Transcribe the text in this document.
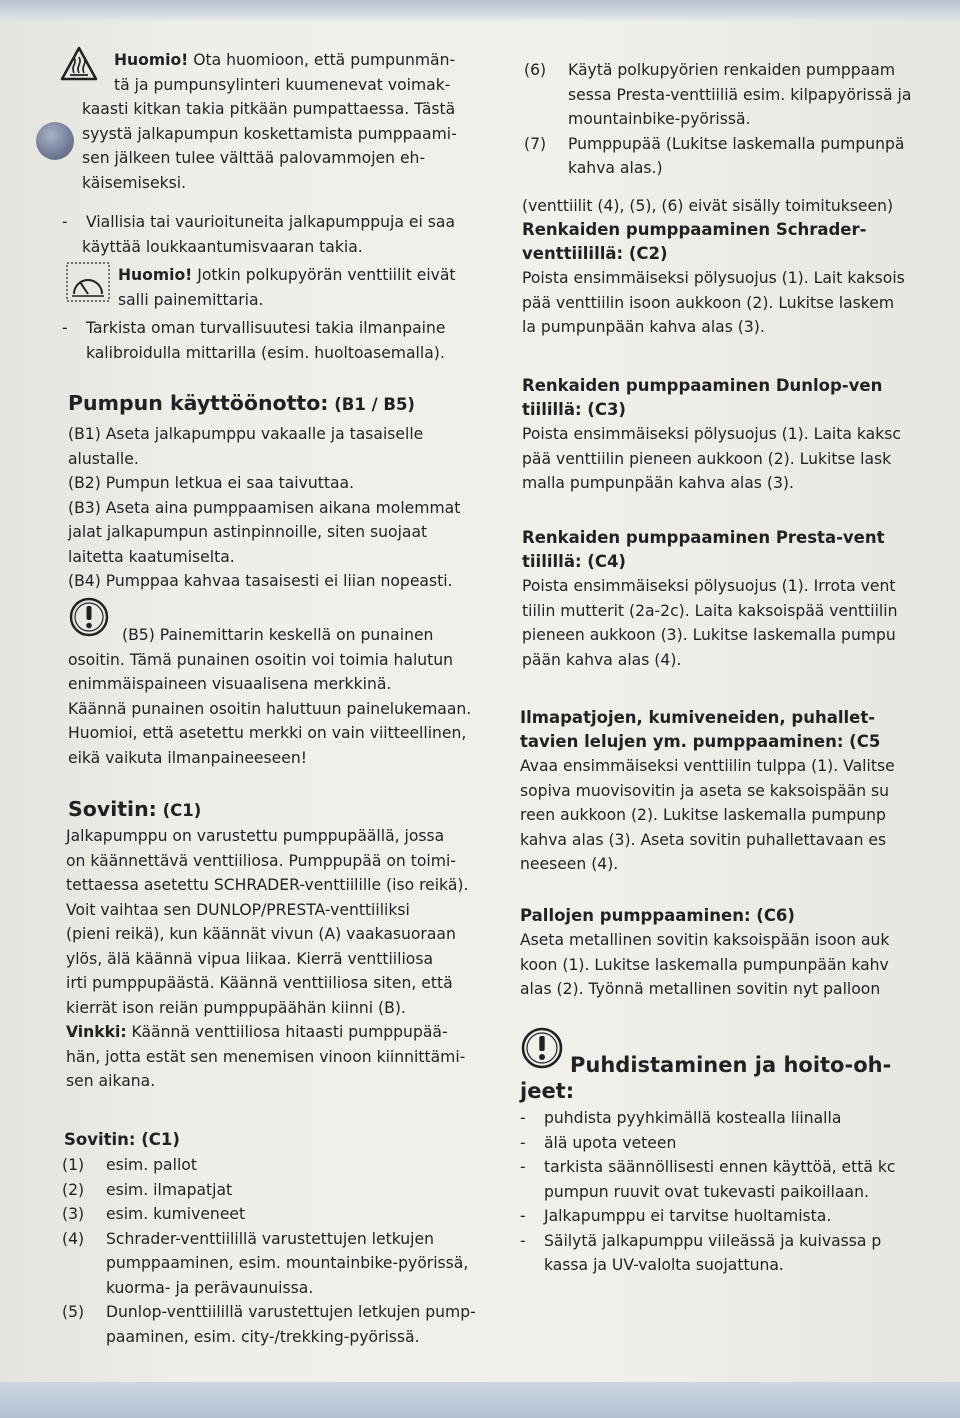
Huomio! Ota huomioon, että pumpunmän-
tä ja pumpunsylinteri kuumenevat voimak-
kaasti kitkan takia pitkään pumpattaessa. Tästä
syystä jalkapumpun koskettamista pumppaami-
sen jälkeen tulee välttää palovammojen eh-
käisemiseksi.
- Viallisia tai vaurioituneita jalkapumppuja ei saa
käyttää loukkaantumisvaaran takia.
Huomio! Jotkin polkupyörän venttiilit eivät
salli painemittaria.
- Tarkista oman turvallisuutesi takia ilmanpaine
kalibroidulla mittarilla (esim. huoltoasemalla).
Pumpun käyttöönotto: (B1 / B5)
(B1) Aseta jalkapumppu vakaalle ja tasaiselle
alustalle.
(B2) Pumpun letkua ei saa taivuttaa.
(B3) Aseta aina pumppaamisen aikana molemmat
jalat jalkapumpun astinpinnoille, siten suojaat
laitetta kaatumiselta.
(B4) Pumppaa kahvaa tasaisesti ei liian nopeasti.
(B5) Painemittarin keskellä on punainen
osoitin. Tämä punainen osoitin voi toimia halutun
enimmäispaineen visuaalisena merkkinä.
Käännä punainen osoitin haluttuun painelukemaan.
Huomioi, että asetettu merkki on vain viitteellinen,
eikä vaikuta ilmanpaineeseen!
Sovitin: (C1)
Jalkapumppu on varustettu pumppupäällä, jossa
on käännettävä venttiiliosa. Pumppupää on toimi-
tettaessa asetettu SCHRADER-venttiilille (iso reikä).
Voit vaihtaa sen DUNLOP/PRESTA-venttiiliksi
(pieni reikä), kun käännät vivun (A) vaakasuoraan
ylös, älä käännä vipua liikaa. Kierrä venttiiliosa
irti pumppupäästä. Käännä venttiiliosa siten, että
kierrät ison reiän pumppupäähän kiinni (B).
Vinkki: Käännä venttiiliosa hitaasti pumppupää-
hän, jotta estät sen menemisen vinoon kiinnittämi-
sen aikana.
Sovitin: (C1)
(1) esim. pallot
(2) esim. ilmapatjat
(3) esim. kumiveneet
(4) Schrader-venttiilillä varustettujen letkujen
pumppaaminen, esim. mountainbike-pyörissä,
kuorma- ja perävaunuissa.
(5) Dunlop-venttiilillä varustettujen letkujen pump-
paaminen, esim. city-/trekking-pyörissä.
(6) Käytä polkupyörien renkaiden pumppaam
sessa Presta-venttiiliä esim. kilpapyörissä ja
mountainbike-pyörissä.
(7) Pumppupää (Lukitse laskemalla pumpunpä
kahva alas.)
(venttiilit (4), (5), (6) eivät sisälly toimitukseen)
Renkaiden pumppaaminen Schrader-
venttiilillä: (C2)
Poista ensimmäiseksi pölysuojus (1). Lait kaksois
pää venttiilin isoon aukkoon (2). Lukitse laskem
la pumpunpään kahva alas (3).
Renkaiden pumppaaminen Dunlop-ven
tiilillä: (C3)
Poista ensimmäiseksi pölysuojus (1). Laita kaksc
pää venttiilin pieneen aukkoon (2). Lukitse lask
malla pumpunpään kahva alas (3).
Renkaiden pumppaaminen Presta-vent
tiilillä: (C4)
Poista ensimmäiseksi pölysuojus (1). Irrota vent
tiilin mutterit (2a-2c). Laita kaksoispää venttiilin
pieneen aukkoon (3). Lukitse laskemalla pumpu
pään kahva alas (4).
Ilmapatjojen, kumiveneiden, puhallet-
tavien lelujen ym. pumppaaminen: (C5
Avaa ensimmäiseksi venttiilin tulppa (1). Valitse
sopiva muovisovitin ja aseta se kaksoispään su
reen aukkoon (2). Lukitse laskemalla pumpunp
kahva alas (3). Aseta sovitin puhallettavaan es
neeseen (4).
Pallojen pumppaaminen: (C6)
Aseta metallinen sovitin kaksoispään isoon auk
koon (1). Lukitse laskemalla pumpunpään kahv
alas (2). Työnnä metallinen sovitin nyt palloon
Puhdistaminen ja hoito-oh-
jeet:
- puhdista pyyhkimällä kostealla liinalla
- älä upota veteen
- tarkista säännöllisesti ennen käyttöä, että kc
pumpun ruuvit ovat tukevasti paikoillaan.
- Jalkapumppu ei tarvitse huoltamista.
- Säilytä jalkapumppu viileässä ja kuivassa p
kassa ja UV-valolta suojattuna.
